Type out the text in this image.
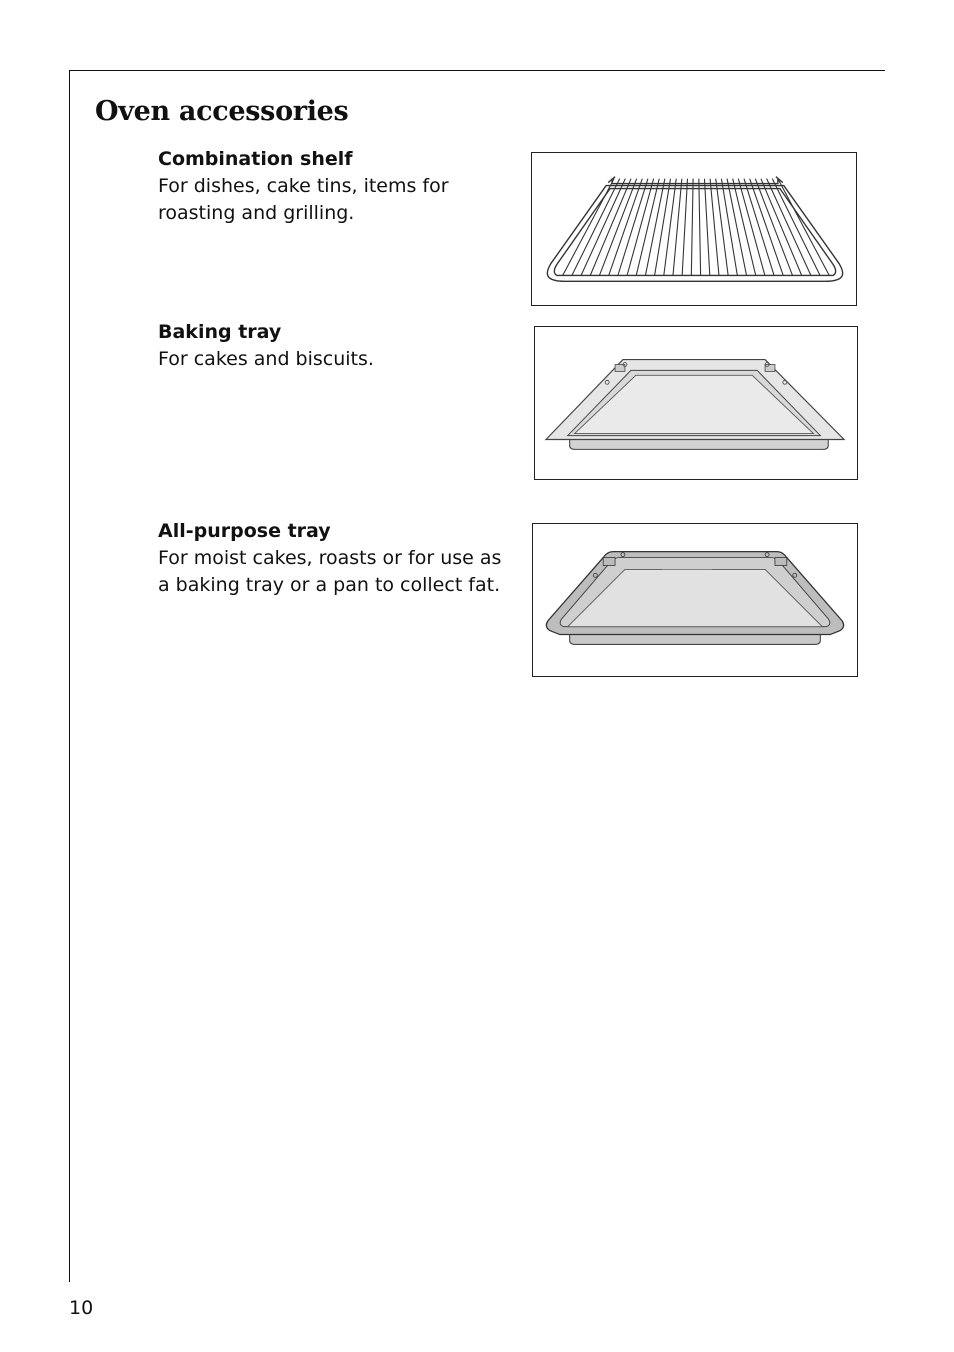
Oven accessories
Combination shelf
For dishes, cake tins, items for roasting and grilling.
Baking tray
For cakes and biscuits.
All-purpose tray
For moist cakes, roasts or for use as a baking tray or a pan to collect fat.
10
